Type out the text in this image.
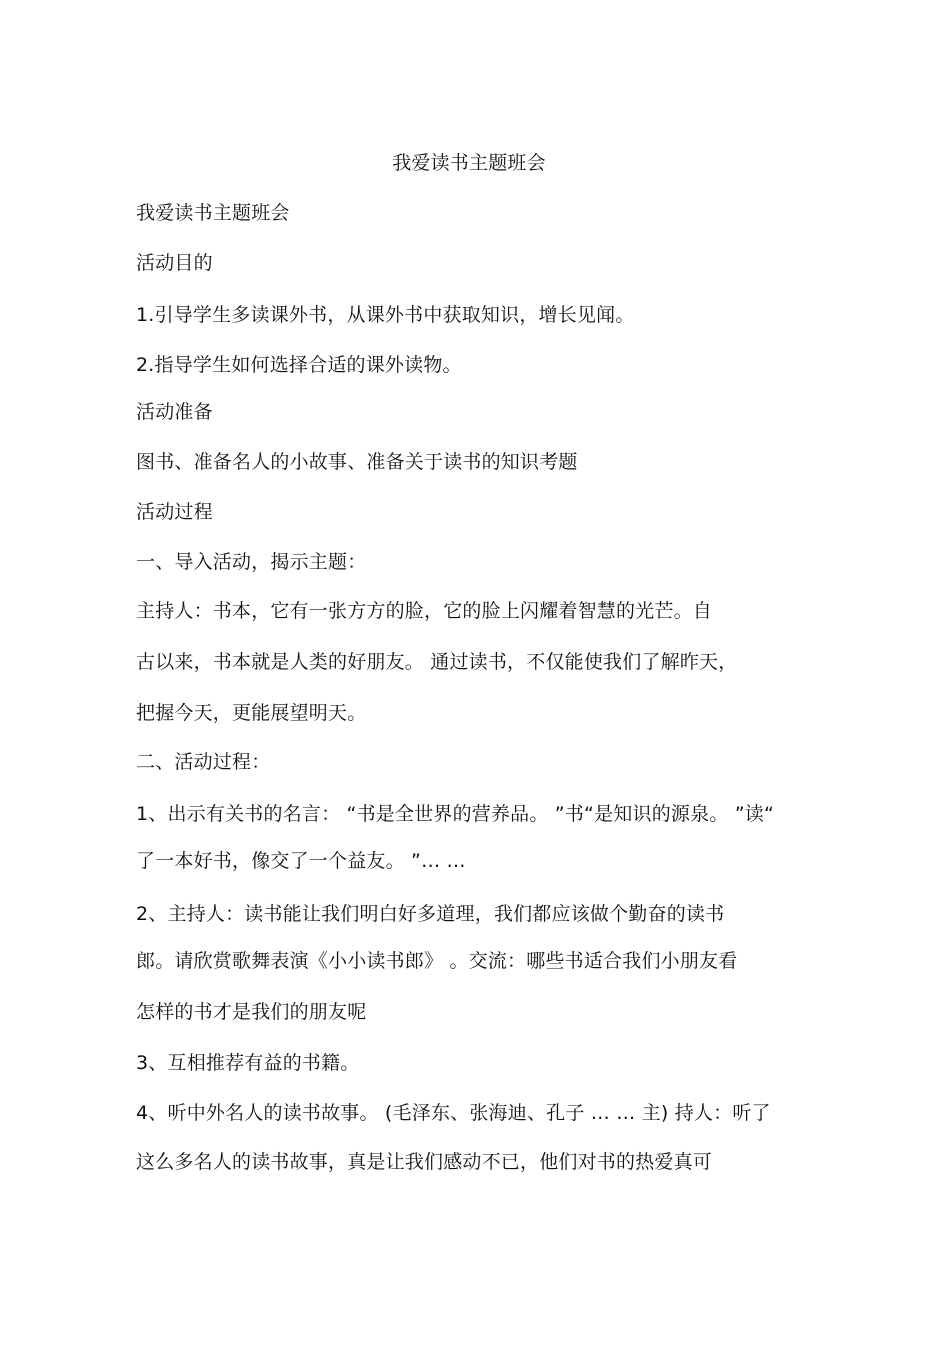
我爱读书主题班会
我爱读书主题班会
活动目的
1.引导学生多读课外书，从课外书中获取知识，增长见闻。
2.指导学生如何选择合适的课外读物。
活动准备
图书、准备名人的小故事、准备关于读书的知识考题
活动过程
一、导入活动，揭示主题：
主持人：书本，它有一张方方的脸，它的脸上闪耀着智慧的光芒。自
古以来，书本就是人类的好朋友。 通过读书，不仅能使我们了解昨天，
把握今天，更能展望明天。
二、活动过程：
1、出示有关书的名言： “书是全世界的营养品。 ”书“是知识的源泉。 ”读“
了一本好书，像交了一个益友。 ”… …
2、主持人：读书能让我们明白好多道理，我们都应该做个勤奋的读书
郎。请欣赏歌舞表演《小小读书郎》 。交流：哪些书适合我们小朋友看
怎样的书才是我们的朋友呢
3、互相推荐有益的书籍。
4、听中外名人的读书故事。 (毛泽东、张海迪、孔子 … … 主) 持人：听了
这么多名人的读书故事，真是让我们感动不已，他们对书的热爱真可
